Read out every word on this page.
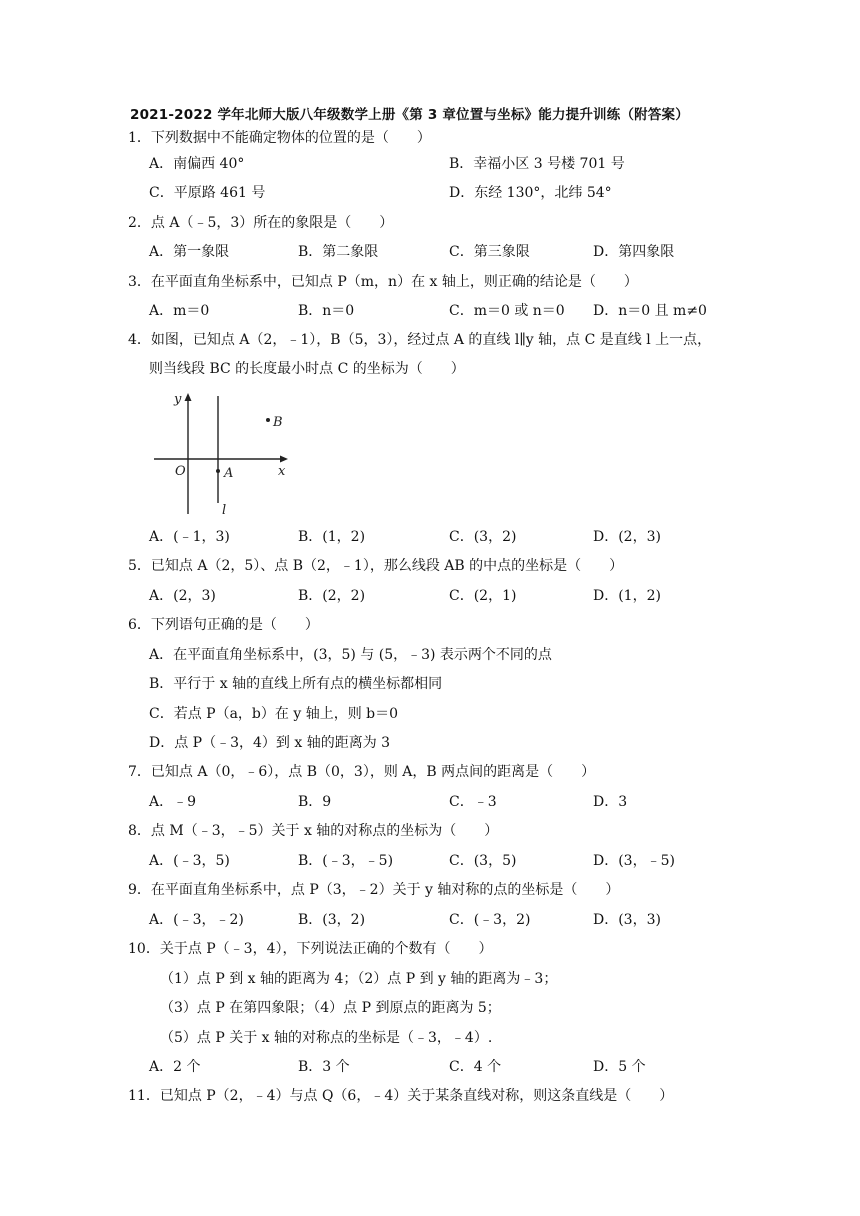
2021-2022 学年北师大版八年级数学上册《第 3 章位置与坐标》能力提升训练（附答案）
1．下列数据中不能确定物体的位置的是（　　）
A．南偏西 40°	B．幸福小区 3 号楼 701 号
C．平原路 461 号	D．东经 130°，北纬 54°
2．点 A（﹣5，3）所在的象限是（　　）
A．第一象限	B．第二象限	C．第三象限	D．第四象限
3．在平面直角坐标系中，已知点 P（m，n）在 x 轴上，则正确的结论是（　　）
A．m＝0	B．n＝0	C．m＝0 或 n＝0 D．n＝0 且 m≠0
4．如图，已知点 A（2，﹣1），B（5，3），经过点 A 的直线 l∥y 轴，点 C 是直线 l 上一点，
则当线段 BC 的长度最小时点 C 的坐标为（　　）
y
x
O	A
B
l
A．(﹣1，3)	B．(1，2)	C．(3，2)	D．(2，3)
5．已知点 A（2，5）、点 B（2，﹣1），那么线段 AB 的中点的坐标是（　　）
A．(2，3)	B．(2，2)	C．(2，1)	D．(1，2)
6．下列语句正确的是（　　）
A．在平面直角坐标系中，(3，5) 与 (5，﹣3) 表示两个不同的点
B．平行于 x 轴的直线上所有点的横坐标都相同
C．若点 P（a，b）在 y 轴上，则 b＝0
D．点 P（﹣3，4）到 x 轴的距离为 3
7．已知点 A（0，﹣6），点 B（0，3），则 A，B 两点间的距离是（　　）
A．﹣9	B．9	C．﹣3	D．3
8．点 M（﹣3，﹣5）关于 x 轴的对称点的坐标为（　　）
A．(﹣3，5)	B．(﹣3，﹣5)	C．(3，5)	D．(3，﹣5)
9．在平面直角坐标系中，点 P（3，﹣2）关于 y 轴对称的点的坐标是（　　）
A．(﹣3，﹣2)	B．(3，2)	C．(﹣3，2)	D．(3，3)
10．关于点 P（﹣3，4），下列说法正确的个数有（　　）
（1）点 P 到 x 轴的距离为 4；（2）点 P 到 y 轴的距离为﹣3；
（3）点 P 在第四象限；（4）点 P 到原点的距离为 5；
（5）点 P 关于 x 轴的对称点的坐标是（﹣3，﹣4）.
A．2 个	B．3 个	C．4 个	D．5 个
11．已知点 P（2，﹣4）与点 Q（6，﹣4）关于某条直线对称，则这条直线是（　　）
